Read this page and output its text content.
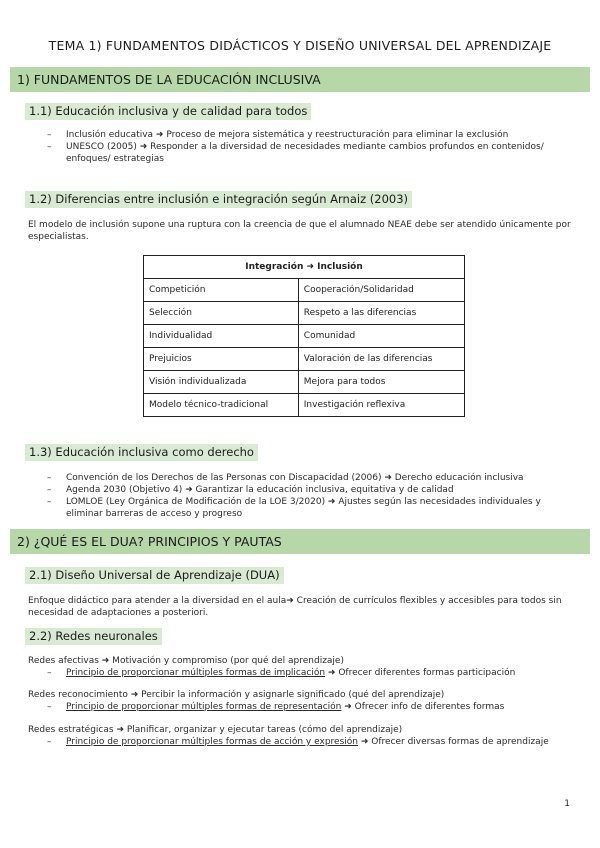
TEMA 1) FUNDAMENTOS DIDÁCTICOS Y DISEÑO UNIVERSAL DEL APRENDIZAJE
1) FUNDAMENTOS DE LA EDUCACIÓN INCLUSIVA
1.1) Educación inclusiva y de calidad para todos
– Inclusión educativa ➜ Proceso de mejora sistemática y reestructuración para eliminar la exclusión
– UNESCO (2005) ➜ Responder a la diversidad de necesidades mediante cambios profundos en contenidos/ enfoques/ estrategias
1.2) Diferencias entre inclusión e integración según Arnaiz (2003)
El modelo de inclusión supone una ruptura con la creencia de que el alumnado NEAE debe ser atendido únicamente por especialistas.
Integración ➜ Inclusión	
Competición	Cooperación/Solidaridad
Selección	Respeto a las diferencias
Individualidad	Comunidad
Prejuicios	Valoración de las diferencias
Visión individualizada	Mejora para todos
Modelo técnico-tradicional	Investigación reflexiva
1.3) Educación inclusiva como derecho
– Convención de los Derechos de las Personas con Discapacidad (2006) ➜ Derecho educación inclusiva
– Agenda 2030 (Objetivo 4) ➜ Garantizar la educación inclusiva, equitativa y de calidad
– LOMLOE (Ley Orgánica de Modificación de la LOE 3/2020) ➜ Ajustes según las necesidades individuales y eliminar barreras de acceso y progreso
2) ¿QUÉ ES EL DUA? PRINCIPIOS Y PAUTAS
2.1) Diseño Universal de Aprendizaje (DUA)
Enfoque didáctico para atender a la diversidad en el aula➜ Creación de currículos flexibles y accesibles para todos sin necesidad de adaptaciones a posteriori.
2.2) Redes neuronales
Redes afectivas ➜ Motivación y compromiso (por qué del aprendizaje)
– Principio de proporcionar múltiples formas de implicación ➜ Ofrecer diferentes formas participación
Redes reconocimiento ➜ Percibir la información y asignarle significado (qué del aprendizaje)
– Principio de proporcionar múltiples formas de representación ➜ Ofrecer info de diferentes formas
Redes estratégicas ➜ Planificar, organizar y ejecutar tareas (cómo del aprendizaje)
– Principio de proporcionar múltiples formas de acción y expresión ➜ Ofrecer diversas formas de aprendizaje
1
